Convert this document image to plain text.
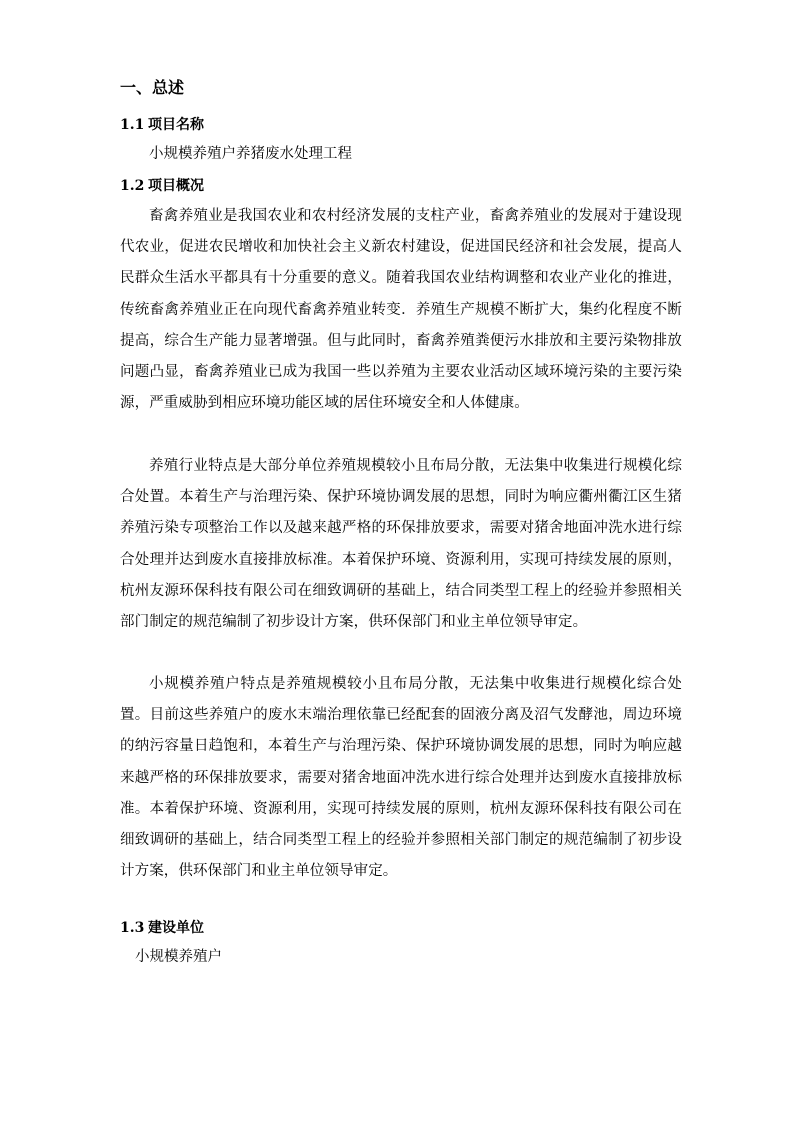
一、总述
1.1 项目名称
小规模养殖户养猪废水处理工程
1.2 项目概况
畜禽养殖业是我国农业和农村经济发展的支柱产业，畜禽养殖业的发展对于建设现代农业，促进农民增收和加快社会主义新农村建设，促进国民经济和社会发展，提高人民群众生活水平都具有十分重要的意义。随着我国农业结构调整和农业产业化的推进，传统畜禽养殖业正在向现代畜禽养殖业转变．养殖生产规模不断扩大，集约化程度不断提高，综合生产能力显著增强。但与此同时，畜禽养殖粪便污水排放和主要污染物排放问题凸显，畜禽养殖业已成为我国一些以养殖为主要农业活动区域环境污染的主要污染源，严重威胁到相应环境功能区域的居住环境安全和人体健康。
养殖行业特点是大部分单位养殖规模较小且布局分散，无法集中收集进行规模化综合处置。本着生产与治理污染、保护环境协调发展的思想，同时为响应衢州衢江区生猪养殖污染专项整治工作以及越来越严格的环保排放要求，需要对猪舍地面冲洗水进行综合处理并达到废水直接排放标准。本着保护环境、资源利用，实现可持续发展的原则，杭州友源环保科技有限公司在细致调研的基础上，结合同类型工程上的经验并参照相关部门制定的规范编制了初步设计方案，供环保部门和业主单位领导审定。
小规模养殖户特点是养殖规模较小且布局分散，无法集中收集进行规模化综合处置。目前这些养殖户的废水末端治理依靠已经配套的固液分离及沼气发酵池，周边环境的纳污容量日趋饱和，本着生产与治理污染、保护环境协调发展的思想，同时为响应越来越严格的环保排放要求，需要对猪舍地面冲洗水进行综合处理并达到废水直接排放标准。本着保护环境、资源利用，实现可持续发展的原则，杭州友源环保科技有限公司在细致调研的基础上，结合同类型工程上的经验并参照相关部门制定的规范编制了初步设计方案，供环保部门和业主单位领导审定。
1.3 建设单位
小规模养殖户
